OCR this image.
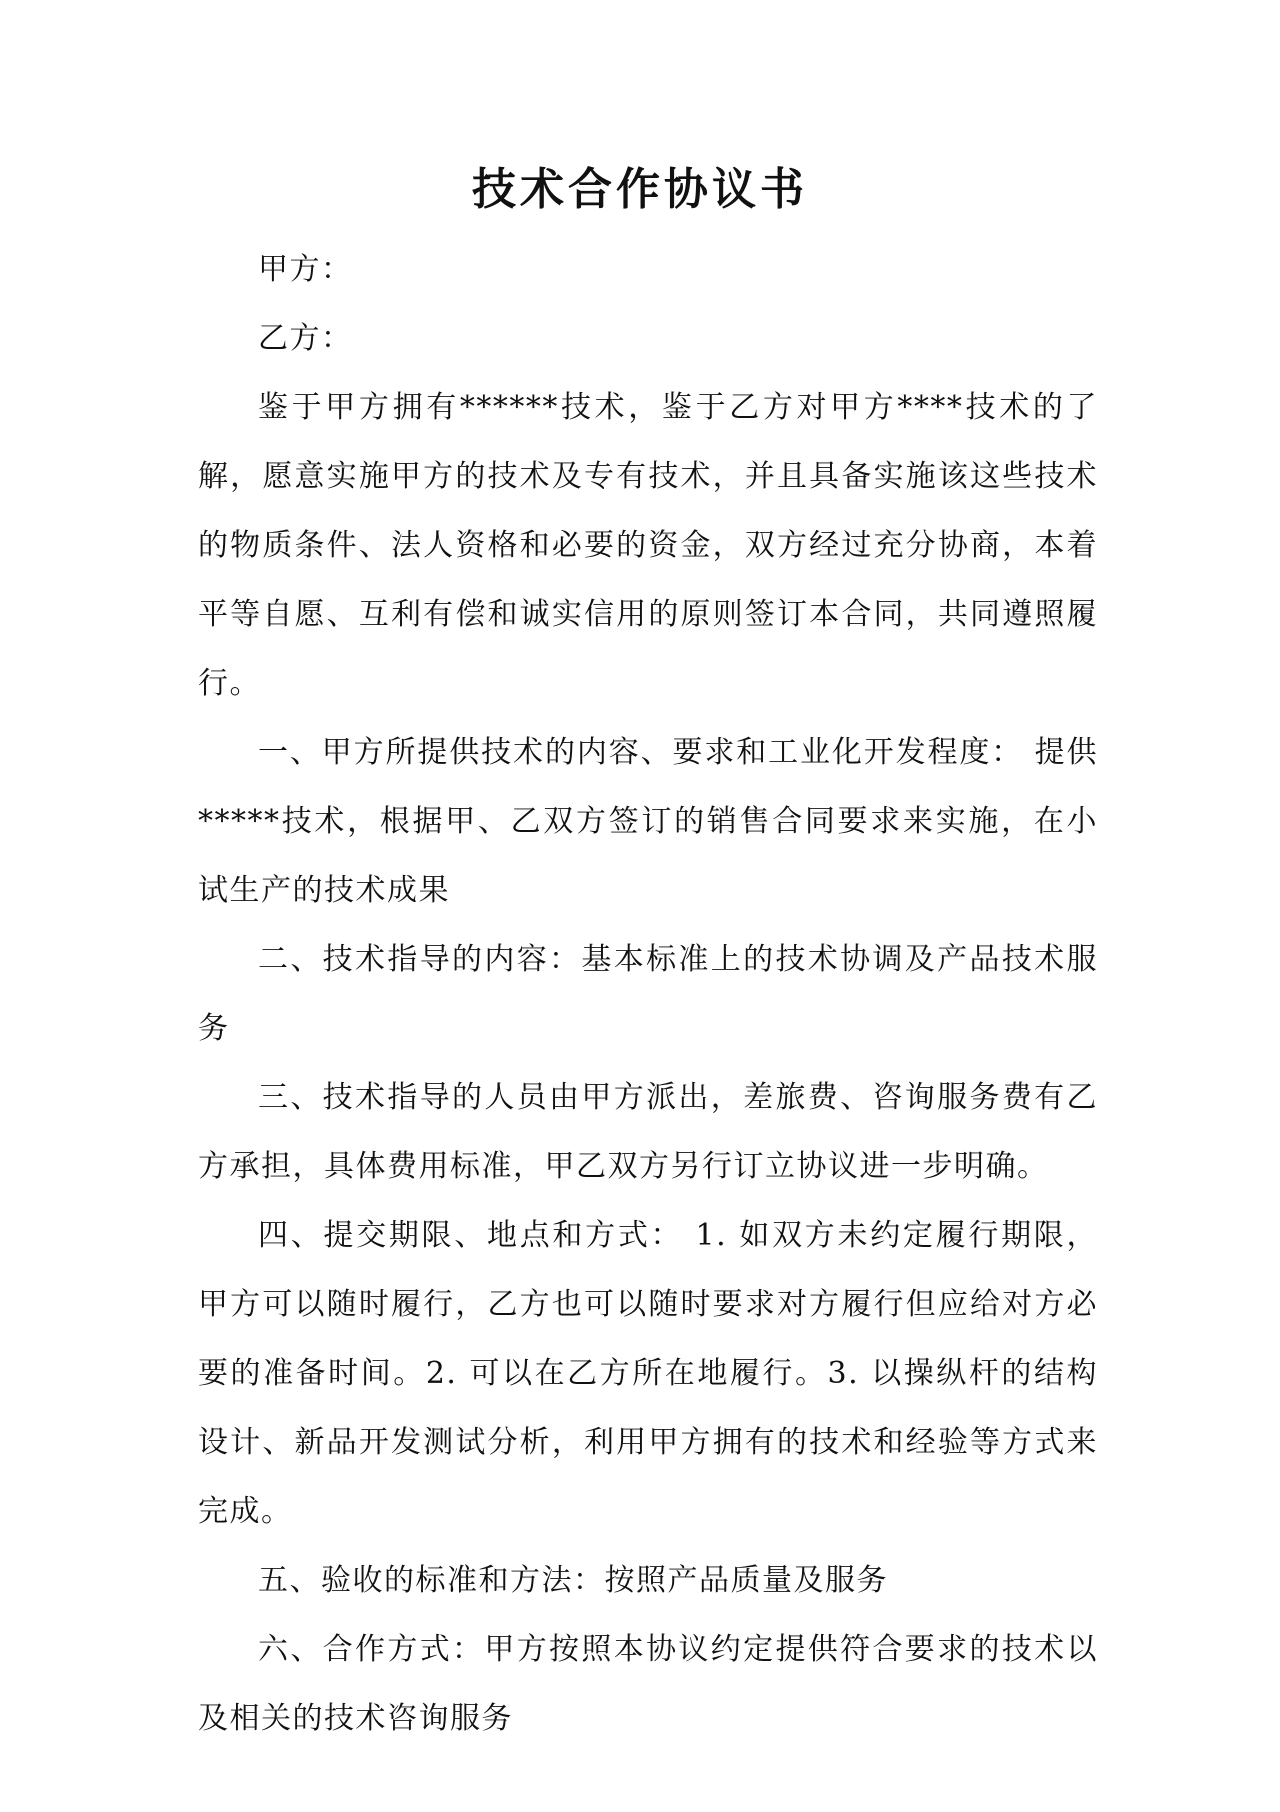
技术合作协议书

甲方：

乙方：

鉴于甲方拥有******技术，鉴于乙方对甲方****技术的了解，愿意实施甲方的技术及专有技术，并且具备实施该这些技术的物质条件、法人资格和必要的资金，双方经过充分协商，本着平等自愿、互利有偿和诚实信用的原则签订本合同，共同遵照履行。

一、甲方所提供技术的内容、要求和工业化开发程度： 提供*****技术，根据甲、乙双方签订的销售合同要求来实施，在小试生产的技术成果

二、技术指导的内容：基本标准上的技术协调及产品技术服务

三、技术指导的人员由甲方派出，差旅费、咨询服务费有乙方承担，具体费用标准，甲乙双方另行订立协议进一步明确。

四、提交期限、地点和方式： 1. 如双方未约定履行期限，甲方可以随时履行，乙方也可以随时要求对方履行但应给对方必要的准备时间。2. 可以在乙方所在地履行。3. 以操纵杆的结构设计、新品开发测试分析，利用甲方拥有的技术和经验等方式来完成。

五、验收的标准和方法：按照产品质量及服务

六、合作方式：甲方按照本协议约定提供符合要求的技术以及相关的技术咨询服务
